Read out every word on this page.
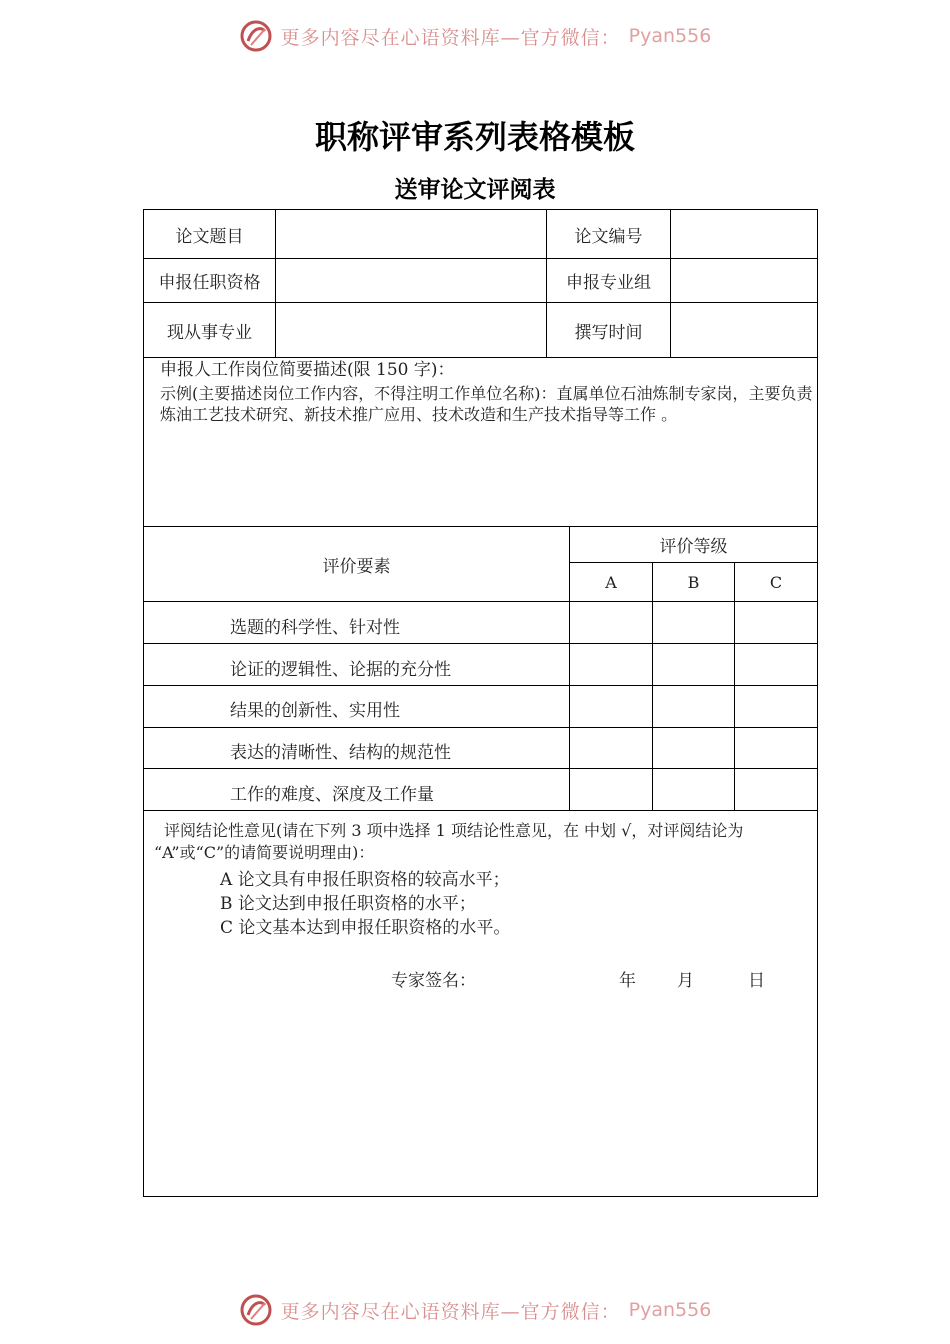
更多内容尽在心语资料库—官方微信： Pyan556
职称评审系列表格模板
送审论文评阅表
论文题目	论文编号
申报任职资格	申报专业组
现从事专业	撰写时间

申报人工作岗位简要描述(限 150 字)：

示例(主要描述岗位工作内容，不得注明工作单位名称)：直属单位石油炼制专家岗，主要负责炼油工艺技术研究、新技术推广应用、技术改造和生产技术指导等工作 。

评价要素
评价等级
A	B	C
选题的科学性、针对性
论证的逻辑性、论据的充分性
结果的创新性、实用性
表达的清晰性、结构的规范性
工作的难度、深度及工作量

评阅结论性意见(请在下列 3 项中选择 1 项结论性意见，在 中划 √，对评阅结论为 “A”或“C”的请简要说明理由)：

A 论文具有申报任职资格的较高水平；

B 论文达到申报任职资格的水平；

C 论文基本达到申报任职资格的水平。

专家签名：	年 月	日
更多内容尽在心语资料库—官方微信： Pyan556
